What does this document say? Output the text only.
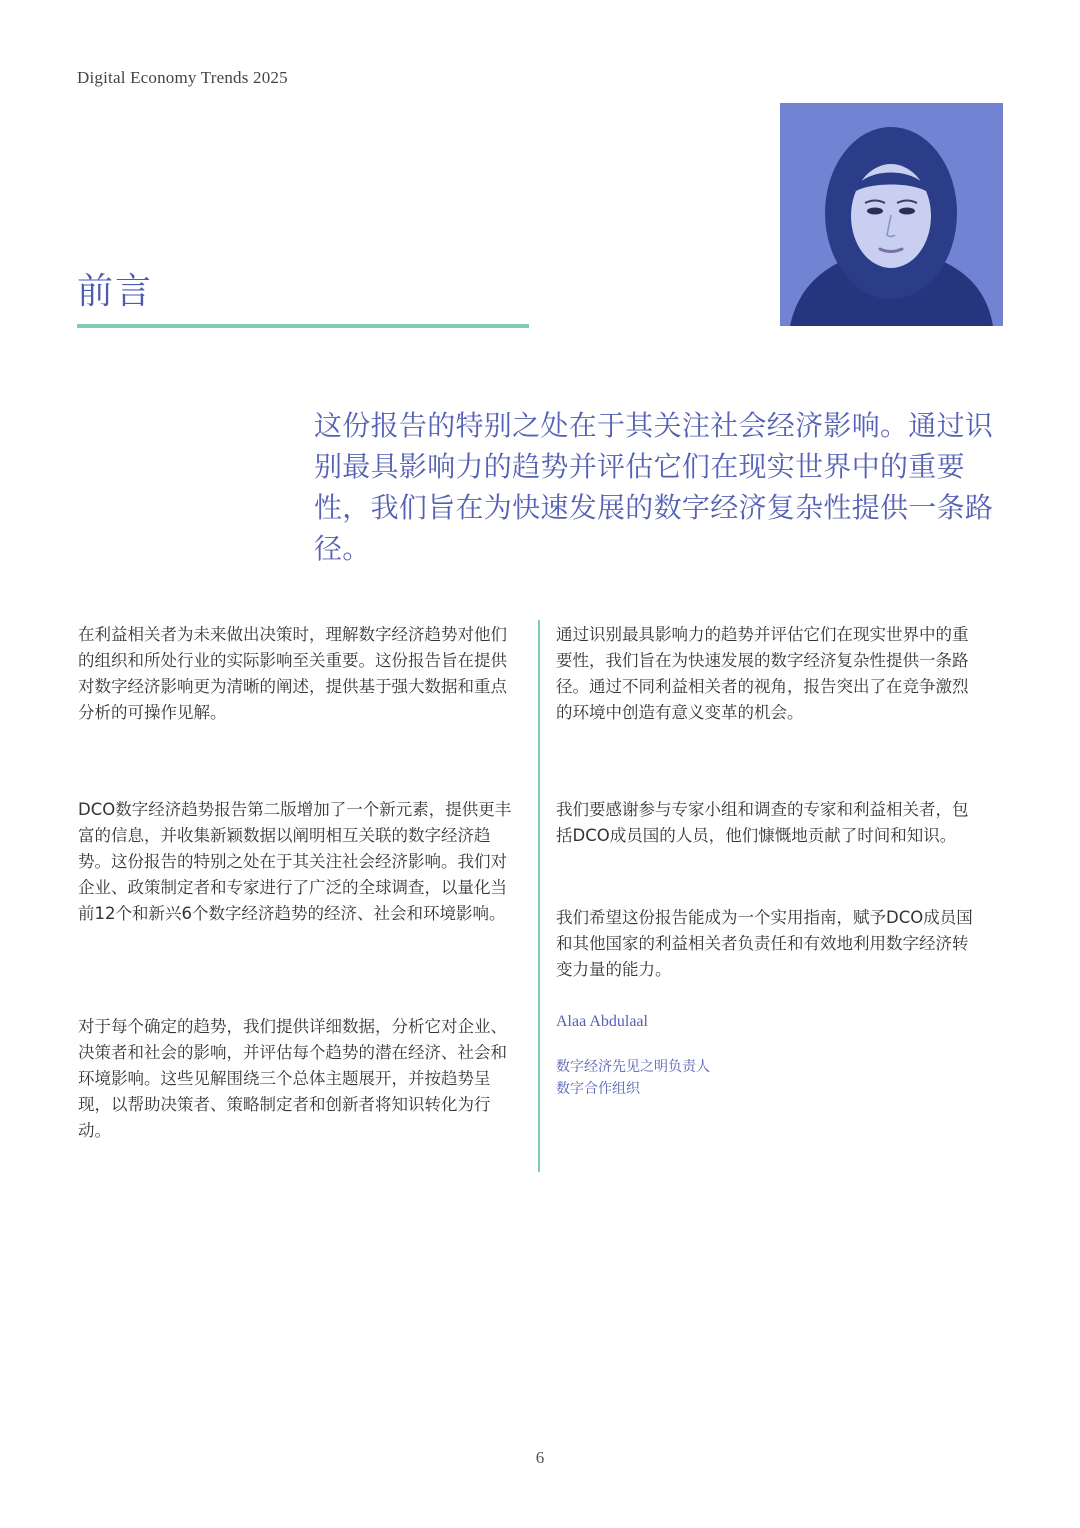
Digital Economy Trends 2025
前言
这份报告的特别之处在于其关注社会经济影响。通过识别最具影响力的趋势并评估它们在现实世界中的重要性，我们旨在为快速发展的数字经济复杂性提供一条路径。

在利益相关者为未来做出决策时，理解数字经济趋势对他们的组织和所处行业的实际影响至关重要。这份报告旨在提供对数字经济影响更为清晰的阐述，提供基于强大数据和重点分析的可操作见解。

DCO数字经济趋势报告第二版增加了一个新元素，提供更丰富的信息，并收集新颖数据以阐明相互关联的数字经济趋势。这份报告的特别之处在于其关注社会经济影响。我们对企业、政策制定者和专家进行了广泛的全球调查，以量化当前12个和新兴6个数字经济趋势的经济、社会和环境影响。

对于每个确定的趋势，我们提供详细数据，分析它对企业、决策者和社会的影响，并评估每个趋势的潜在经济、社会和环境影响。这些见解围绕三个总体主题展开，并按趋势呈现，以帮助决策者、策略制定者和创新者将知识转化为行动。

通过识别最具影响力的趋势并评估它们在现实世界中的重要性，我们旨在为快速发展的数字经济复杂性提供一条路径。通过不同利益相关者的视角，报告突出了在竞争激烈的环境中创造有意义变革的机会。

我们要感谢参与专家小组和调查的专家和利益相关者，包括DCO成员国的人员，他们慷慨地贡献了时间和知识。

我们希望这份报告能成为一个实用指南，赋予DCO成员国和其他国家的利益相关者负责任和有效地利用数字经济转变力量的能力。

Alaa Abdulaal
数字经济先见之明负责人
数字合作组织
6
